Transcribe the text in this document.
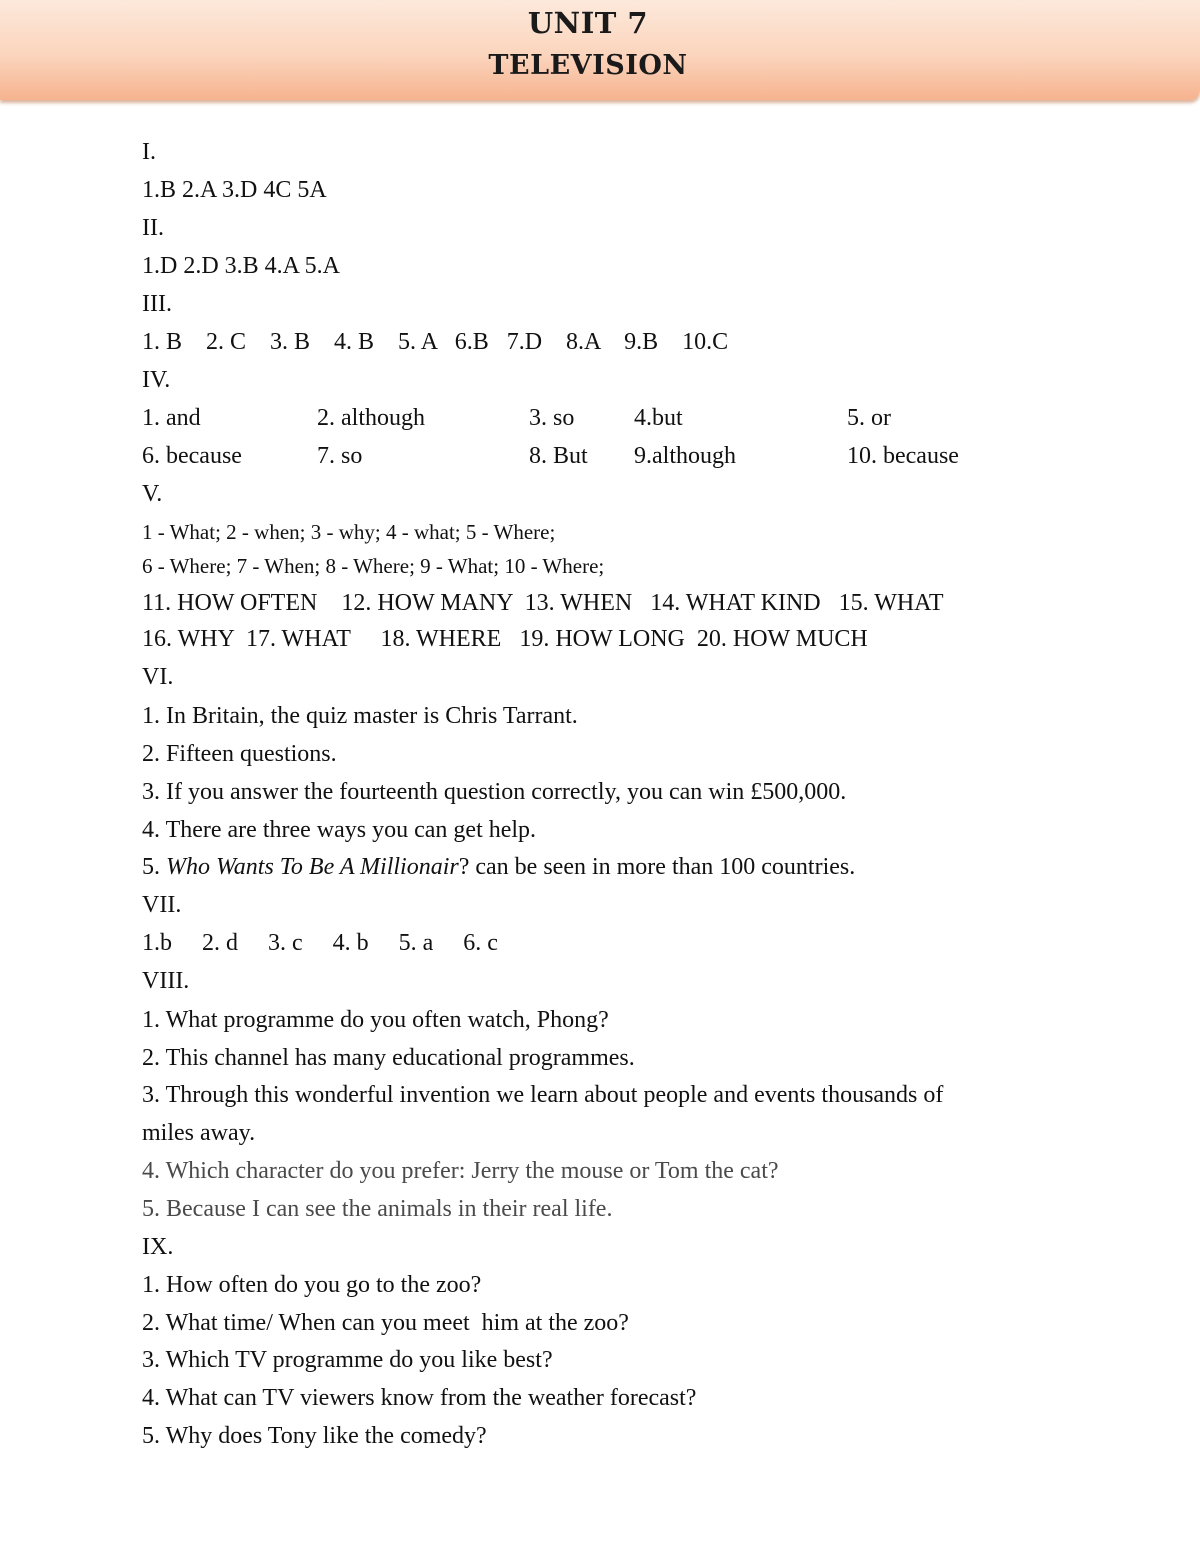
UNIT 7
TELEVISION
I.
1.B 2.A 3.D 4C 5A
II.
1.D 2.D 3.B 4.A 5.A
III.
1. B    2. C    3. B    4. B    5. A   6.B   7.D    8.A    9.B    10.C
IV.
1. and	2. although	3. so 4.but	5. or
6. because	7. so	8. But 9.although	10. because
V.
1 - What; 2 - when; 3 - why; 4 - what; 5 - Where;
6 - Where; 7 - When; 8 - Where; 9 - What; 10 - Where;
11. HOW OFTEN    12. HOW MANY  13. WHEN   14. WHAT KIND   15. WHAT
16. WHY  17. WHAT     18. WHERE   19. HOW LONG  20. HOW MUCH
VI.
1. In Britain, the quiz master is Chris Tarrant.
2. Fifteen questions.
3. If you answer the fourteenth question correctly, you can win £500,000.
4. There are three ways you can get help.
5. Who Wants To Be A Millionair? can be seen in more than 100 countries.
VII.
1.b     2. d     3. c     4. b     5. a     6. c
VIII.
1. What programme do you often watch, Phong?
2. This channel has many educational programmes.
3. Through this wonderful invention we learn about people and events thousands of
miles away.
4. Which character do you prefer: Jerry the mouse or Tom the cat?
5. Because I can see the animals in their real life.
IX.
1. How often do you go to the zoo?
2. What time/ When can you meet  him at the zoo?
3. Which TV programme do you like best?
4. What can TV viewers know from the weather forecast?
5. Why does Tony like the comedy?
